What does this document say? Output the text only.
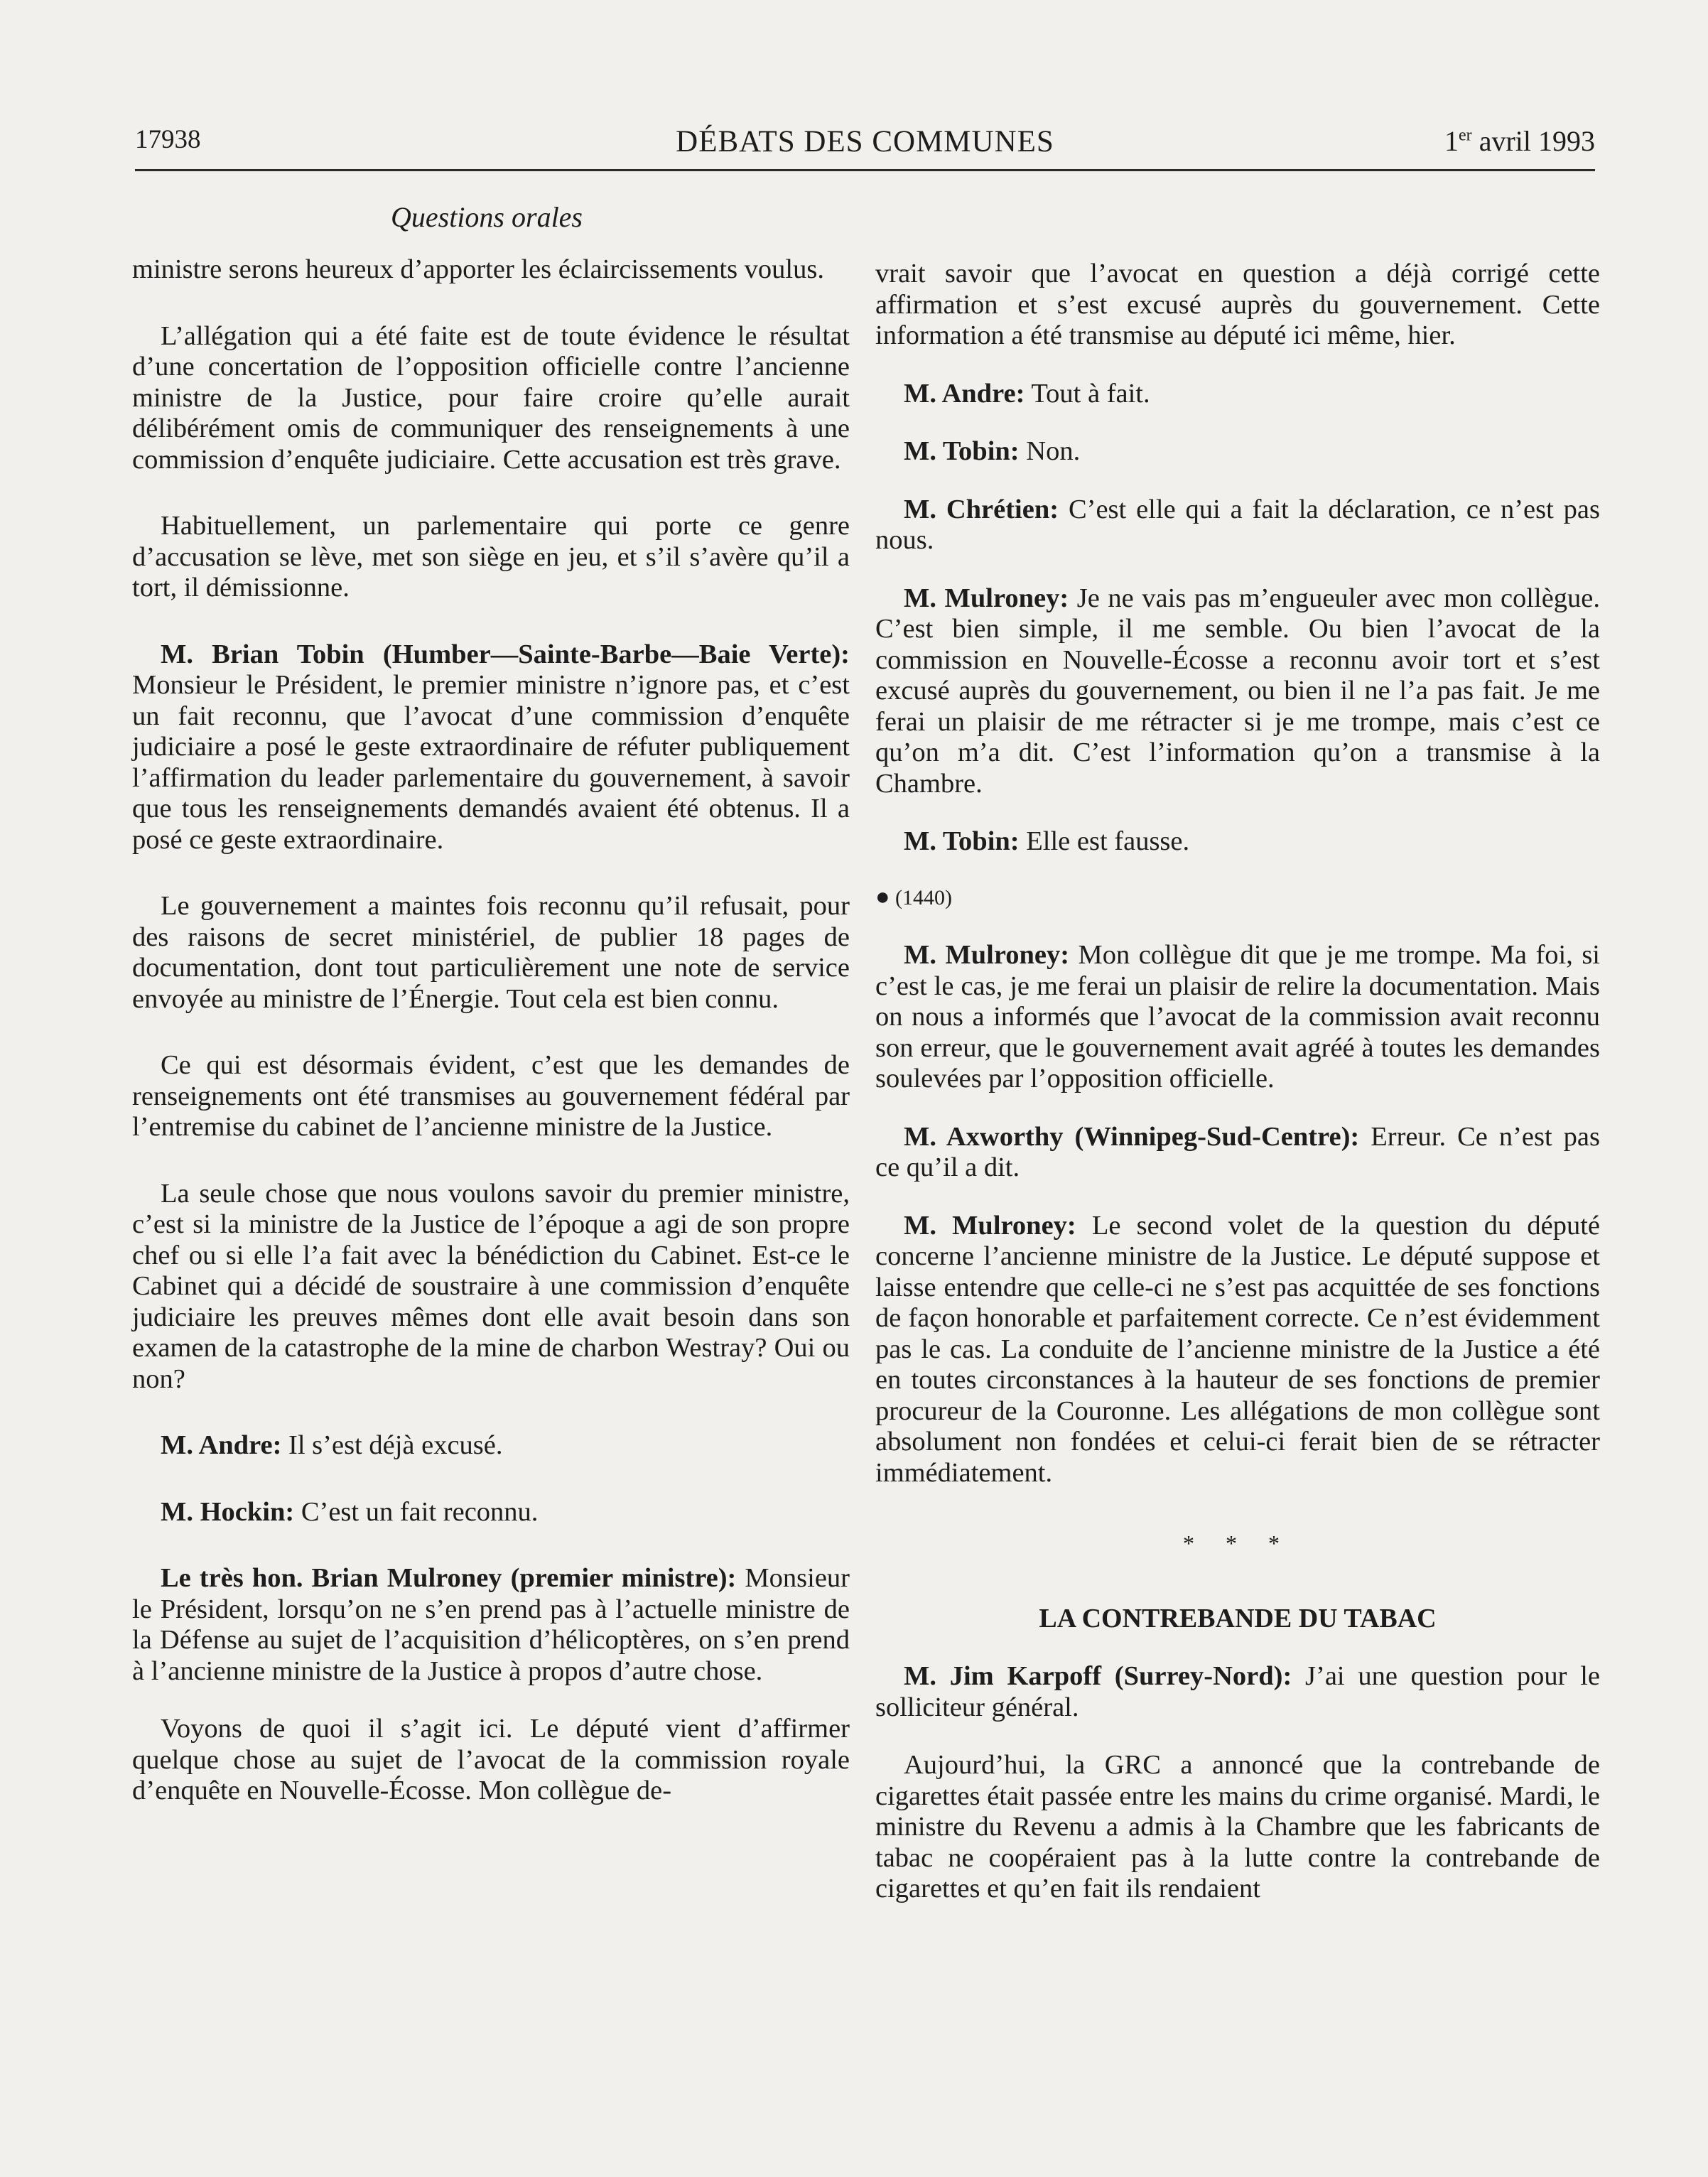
17938	DÉBATS DES COMMUNES	1er avril 1993
Questions orales

ministre serons heureux d’apporter les éclaircissements voulus.

L’allégation qui a été faite est de toute évidence le résultat d’une concertation de l’opposition officielle contre l’ancienne ministre de la Justice, pour faire croire qu’elle aurait délibérément omis de communiquer des renseignements à une commission d’enquête judiciaire. Cette accusation est très grave.

Habituellement, un parlementaire qui porte ce genre d’accusation se lève, met son siège en jeu, et s’il s’avère qu’il a tort, il démissionne.

M. Brian Tobin (Humber—Sainte-Barbe—Baie Verte): Monsieur le Président, le premier ministre n’ignore pas, et c’est un fait reconnu, que l’avocat d’une commission d’enquête judiciaire a posé le geste extraordinaire de réfuter publiquement l’affirmation du leader parlementaire du gouvernement, à savoir que tous les renseignements demandés avaient été obtenus. Il a posé ce geste extraordinaire.

Le gouvernement a maintes fois reconnu qu’il refusait, pour des raisons de secret ministériel, de publier 18 pages de documentation, dont tout particulièrement une note de service envoyée au ministre de l’Énergie. Tout cela est bien connu.

Ce qui est désormais évident, c’est que les demandes de renseignements ont été transmises au gouvernement fédéral par l’entremise du cabinet de l’ancienne ministre de la Justice.

La seule chose que nous voulons savoir du premier ministre, c’est si la ministre de la Justice de l’époque a agi de son propre chef ou si elle l’a fait avec la bénédiction du Cabinet. Est-ce le Cabinet qui a décidé de soustraire à une commission d’enquête judiciaire les preuves mêmes dont elle avait besoin dans son examen de la catastrophe de la mine de charbon Westray? Oui ou non?

M. Andre: Il s’est déjà excusé.

M. Hockin: C’est un fait reconnu.

Le très hon. Brian Mulroney (premier ministre): Monsieur le Président, lorsqu’on ne s’en prend pas à l’actuelle ministre de la Défense au sujet de l’acquisition d’hélicoptères, on s’en prend à l’ancienne ministre de la Justice à propos d’autre chose.

Voyons de quoi il s’agit ici. Le député vient d’affirmer quelque chose au sujet de l’avocat de la commission royale d’enquête en Nouvelle-Écosse. Mon collègue de-

vrait savoir que l’avocat en question a déjà corrigé cette affirmation et s’est excusé auprès du gouvernement. Cette information a été transmise au député ici même, hier.

M. Andre: Tout à fait.

M. Tobin: Non.

M. Chrétien: C’est elle qui a fait la déclaration, ce n’est pas nous.

M. Mulroney: Je ne vais pas m’engueuler avec mon collègue. C’est bien simple, il me semble. Ou bien l’avocat de la commission en Nouvelle-Écosse a reconnu avoir tort et s’est excusé auprès du gouvernement, ou bien il ne l’a pas fait. Je me ferai un plaisir de me rétracter si je me trompe, mais c’est ce qu’on m’a dit. C’est l’information qu’on a transmise à la Chambre.

M. Tobin: Elle est fausse.

● (1440)

M. Mulroney: Mon collègue dit que je me trompe. Ma foi, si c’est le cas, je me ferai un plaisir de relire la documentation. Mais on nous a informés que l’avocat de la commission avait reconnu son erreur, que le gouvernement avait agréé à toutes les demandes soulevées par l’opposition officielle.

M. Axworthy (Winnipeg-Sud-Centre): Erreur. Ce n’est pas ce qu’il a dit.

M. Mulroney: Le second volet de la question du député concerne l’ancienne ministre de la Justice. Le député suppose et laisse entendre que celle-ci ne s’est pas acquittée de ses fonctions de façon honorable et parfaitement correcte. Ce n’est évidemment pas le cas. La conduite de l’ancienne ministre de la Justice a été en toutes circonstances à la hauteur de ses fonctions de premier procureur de la Couronne. Les allégations de mon collègue sont absolument non fondées et celui-ci ferait bien de se rétracter immédiatement.

* * *
LA CONTREBANDE DU TABAC

M. Jim Karpoff (Surrey-Nord): J’ai une question pour le solliciteur général.

Aujourd’hui, la GRC a annoncé que la contrebande de cigarettes était passée entre les mains du crime organisé. Mardi, le ministre du Revenu a admis à la Chambre que les fabricants de tabac ne coopéraient pas à la lutte contre la contrebande de cigarettes et qu’en fait ils rendaient
